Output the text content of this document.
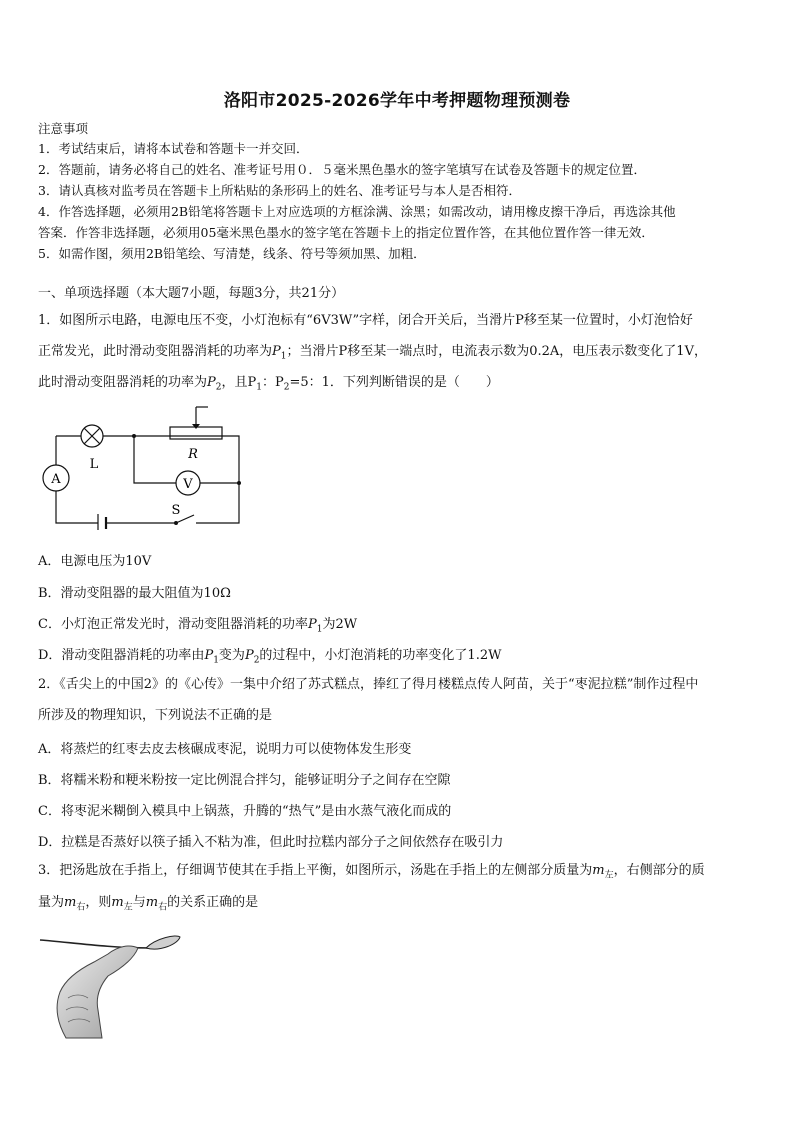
洛阳市2025-2026学年中考押题物理预测卷
注意事项
1．考试结束后，请将本试卷和答题卡一并交回．
2．答题前，请务必将自己的姓名、准考证号用０．５毫米黑色墨水的签字笔填写在试卷及答题卡的规定位置．
3．请认真核对监考员在答题卡上所粘贴的条形码上的姓名、准考证号与本人是否相符．
4．作答选择题，必须用2B铅笔将答题卡上对应选项的方框涂满、涂黑；如需改动，请用橡皮擦干净后，再选涂其他
答案．作答非选择题，必须用05毫米黑色墨水的签字笔在答题卡上的指定位置作答，在其他位置作答一律无效．
5．如需作图，须用2B铅笔绘、写清楚，线条、符号等须加黑、加粗．
一、单项选择题（本大题7小题，每题3分，共21分）
1．如图所示电路，电源电压不变，小灯泡标有“6V3W”字样，闭合开关后，当滑片P移至某一位置时，小灯泡恰好
正常发光，此时滑动变阻器消耗的功率为$P_1$；当滑片P移至某一端点时，电流表示数为0.2A，电压表示数变化了1V，
此时滑动变阻器消耗的功率为$P_2$，且$P_1$：$P_2=5$：1．下列判断错误的是（　　）
A
L
R
V
S
A．电源电压为10V
B．滑动变阻器的最大阻值为10Ω
C．小灯泡正常发光时，滑动变阻器消耗的功率$P_1$为2W
D．滑动变阻器消耗的功率由$P_1$变为$P_2$的过程中，小灯泡消耗的功率变化了1.2W
2．《舌尖上的中国2》的《心传》一集中介绍了苏式糕点，捧红了得月楼糕点传人阿苗，关于“枣泥拉糕”制作过程中
所涉及的物理知识，下列说法不正确的是
A．将蒸烂的红枣去皮去核碾成枣泥，说明力可以使物体发生形变
B．将糯米粉和粳米粉按一定比例混合拌匀，能够证明分子之间存在空隙
C．将枣泥米糊倒入模具中上锅蒸，升腾的“热气”是由水蒸气液化而成的
D．拉糕是否蒸好以筷子插入不粘为准，但此时拉糕内部分子之间依然存在吸引力
3．把汤匙放在手指上，仔细调节使其在手指上平衡，如图所示，汤匙在手指上的左侧部分质量为$m_左$，右侧部分的质
量为$m_右$，则$m_左$与$m_右$的关系正确的是
